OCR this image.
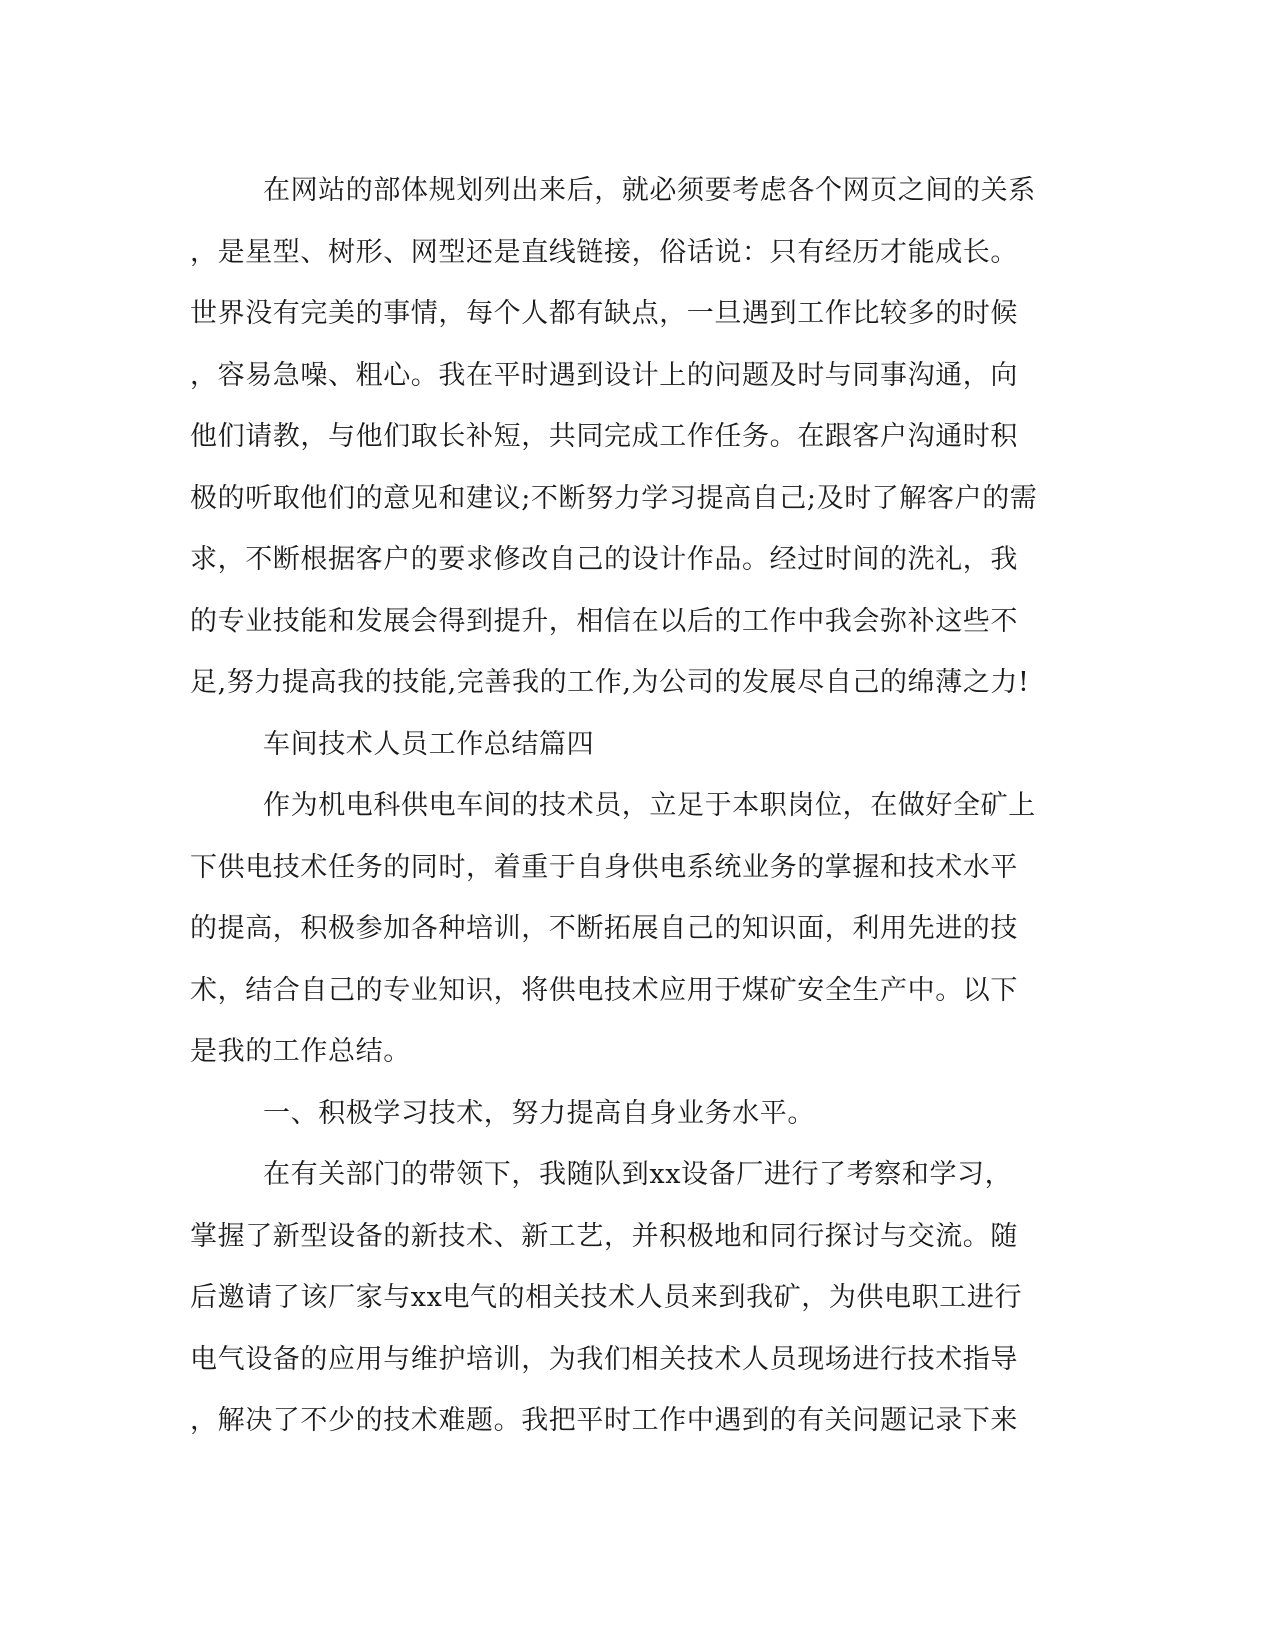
在网站的部体规划列出来后，就必须要考虑各个网页之间的关系
，是星型、树形、网型还是直线链接，俗话说：只有经历才能成长。
世界没有完美的事情，每个人都有缺点，一旦遇到工作比较多的时候
，容易急噪、粗心。我在平时遇到设计上的问题及时与同事沟通，向
他们请教，与他们取长补短，共同完成工作任务。在跟客户沟通时积
极的听取他们的意见和建议;不断努力学习提高自己;及时了解客户的需
求，不断根据客户的要求修改自己的设计作品。经过时间的洗礼，我
的专业技能和发展会得到提升，相信在以后的工作中我会弥补这些不
足,努力提高我的技能,完善我的工作,为公司的发展尽自己的绵薄之力!
车间技术人员工作总结篇四
作为机电科供电车间的技术员，立足于本职岗位，在做好全矿上
下供电技术任务的同时，着重于自身供电系统业务的掌握和技术水平
的提高，积极参加各种培训，不断拓展自己的知识面，利用先进的技
术，结合自己的专业知识，将供电技术应用于煤矿安全生产中。以下
是我的工作总结。
一、积极学习技术，努力提高自身业务水平。
在有关部门的带领下，我随队到xx设备厂进行了考察和学习，
掌握了新型设备的新技术、新工艺，并积极地和同行探讨与交流。随
后邀请了该厂家与xx电气的相关技术人员来到我矿，为供电职工进行
电气设备的应用与维护培训，为我们相关技术人员现场进行技术指导
，解决了不少的技术难题。我把平时工作中遇到的有关问题记录下来
